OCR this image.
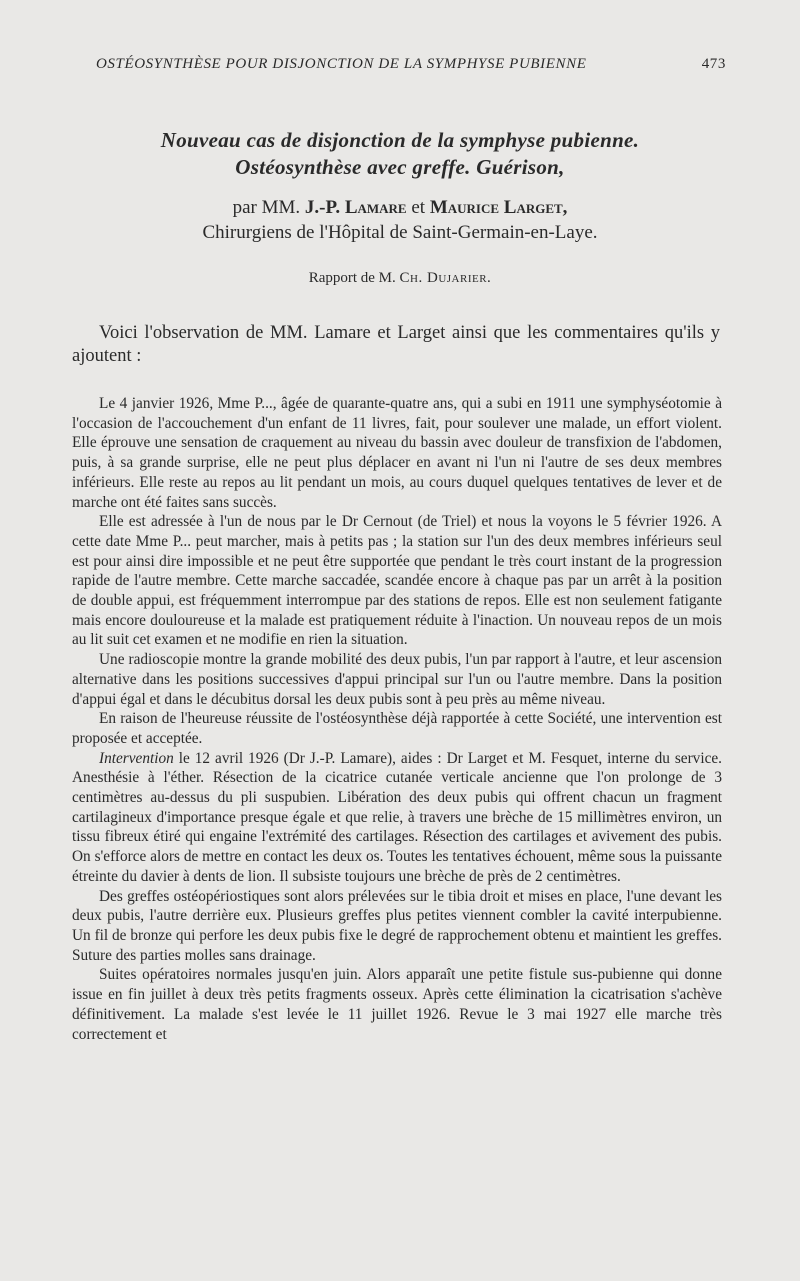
OSTÉOSYNTHÈSE POUR DISJONCTION DE LA SYMPHYSE PUBIENNE	473
Nouveau cas de disjonction de la symphyse pubienne.
Ostéosynthèse avec greffe. Guérison,
par MM. J.-P. Lamare et Maurice Larget,
Chirurgiens de l'Hôpital de Saint-Germain-en-Laye.
Rapport de M. Ch. Dujarier.
Voici l'observation de MM. Lamare et Larget ainsi que les commentaires qu'ils y ajoutent :

Le 4 janvier 1926, Mme P..., âgée de quarante-quatre ans, qui a subi en 1911 une symphyséotomie à l'occasion de l'accouchement d'un enfant de 11 livres, fait, pour soulever une malade, un effort violent. Elle éprouve une sensation de craquement au niveau du bassin avec douleur de transfixion de l'abdomen, puis, à sa grande surprise, elle ne peut plus déplacer en avant ni l'un ni l'autre de ses deux membres inférieurs. Elle reste au repos au lit pendant un mois, au cours duquel quelques tentatives de lever et de marche ont été faites sans succès.

Elle est adressée à l'un de nous par le Dr Cernout (de Triel) et nous la voyons le 5 février 1926. A cette date Mme P... peut marcher, mais à petits pas ; la station sur l'un des deux membres inférieurs seul est pour ainsi dire impossible et ne peut être supportée que pendant le très court instant de la progression rapide de l'autre membre. Cette marche saccadée, scandée encore à chaque pas par un arrêt à la position de double appui, est fréquemment interrompue par des stations de repos. Elle est non seulement fatigante mais encore douloureuse et la malade est pratiquement réduite à l'inaction. Un nouveau repos de un mois au lit suit cet examen et ne modifie en rien la situation.

Une radioscopie montre la grande mobilité des deux pubis, l'un par rapport à l'autre, et leur ascension alternative dans les positions successives d'appui principal sur l'un ou l'autre membre. Dans la position d'appui égal et dans le décubitus dorsal les deux pubis sont à peu près au même niveau.

En raison de l'heureuse réussite de l'ostéosynthèse déjà rapportée à cette Société, une intervention est proposée et acceptée.

Intervention le 12 avril 1926 (Dr J.-P. Lamare), aides : Dr Larget et M. Fesquet, interne du service. Anesthésie à l'éther. Résection de la cicatrice cutanée verticale ancienne que l'on prolonge de 3 centimètres au-dessus du pli suspubien. Libération des deux pubis qui offrent chacun un fragment cartilagineux d'importance presque égale et que relie, à travers une brèche de 15 millimètres environ, un tissu fibreux étiré qui engaine l'extrémité des cartilages. Résection des cartilages et avivement des pubis. On s'efforce alors de mettre en contact les deux os. Toutes les tentatives échouent, même sous la puissante étreinte du davier à dents de lion. Il subsiste toujours une brèche de près de 2 centimètres.

Des greffes ostéopériostiques sont alors prélevées sur le tibia droit et mises en place, l'une devant les deux pubis, l'autre derrière eux. Plusieurs greffes plus petites viennent combler la cavité interpubienne. Un fil de bronze qui perfore les deux pubis fixe le degré de rapprochement obtenu et maintient les greffes. Suture des parties molles sans drainage.

Suites opératoires normales jusqu'en juin. Alors apparaît une petite fistule sus-pubienne qui donne issue en fin juillet à deux très petits fragments osseux. Après cette élimination la cicatrisation s'achève définitivement. La malade s'est levée le 11 juillet 1926. Revue le 3 mai 1927 elle marche très correctement et
